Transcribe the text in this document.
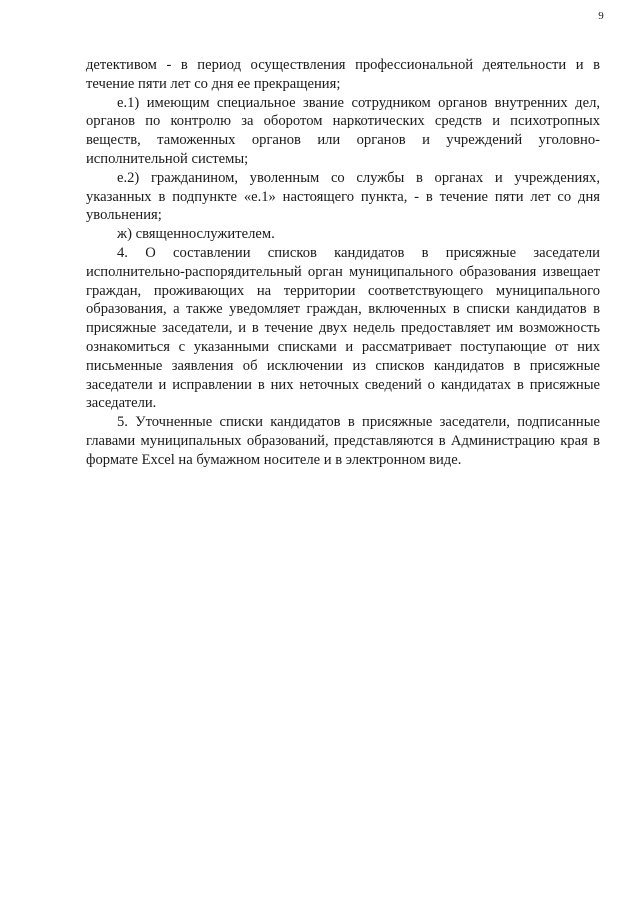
9

детективом - в период осуществления профессиональной деятельности и в течение пяти лет со дня ее прекращения;

е.1) имеющим специальное звание сотрудником органов внутренних дел, органов по контролю за оборотом наркотических средств и психотропных веществ, таможенных органов или органов и учреждений уголовно-исполнительной системы;

е.2) гражданином, уволенным со службы в органах и учреждениях, указанных в подпункте «е.1» настоящего пункта, - в течение пяти лет со дня увольнения;

ж) священнослужителем.

4. О составлении списков кандидатов в присяжные заседатели исполнительно-распорядительный орган муниципального образования извещает граждан, проживающих на территории соответствующего муниципального образования, а также уведомляет граждан, включенных в списки кандидатов в присяжные заседатели, и в течение двух недель предоставляет им возможность ознакомиться с указанными списками и рассматривает поступающие от них письменные заявления об исключении из списков кандидатов в присяжные заседатели и исправлении в них неточных сведений о кандидатах в присяжные заседатели.

5. Уточненные списки кандидатов в присяжные заседатели, подписанные главами муниципальных образований, представляются в Администрацию края в формате Excel на бумажном носителе и в электронном виде.
